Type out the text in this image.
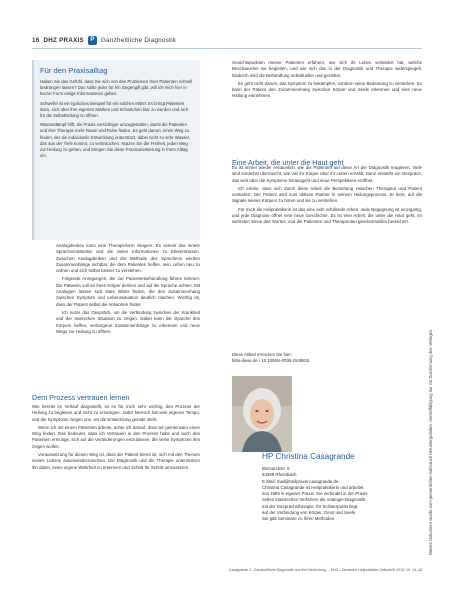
16 DHZ PRAXIS	P	Ganzheitliche Diagnostik
Für den Praxisalltag

Haben Sie das Gefühl, dass Sie sich von den Problemen Ihrer Patienten schnell bedrängen lassen? Das sollte jeder für ein Gegengift gibt, will ich mich hier in kurzer Form einige Informationen geben:

Schwefel ist ein typisches Beispiel für ein solches Mittel: Es bringt Patienten dazu, sich über ihre eigenen Stärken und Schwächen klar zu werden und sich für die Selbstheilung zu öffnen.

Wasserdämpf hilft, die Praxis vorsichtiger umzugestalten, damit die Patienten und Ihre Therapie mehr Raum und Ruhe finden. Es geht darum, einen Weg zu finden, der die individuelle Entwicklung unterstützt, dabei nicht zu sehr Wasser, das aus der Tiefe kommt, zu verbrauchen. Nutzen Sie die Freiheit, jeden Weg zur Heilung zu gehen, und bringen Sie diese Praxisorientierung in Ihren Alltag ein.

Analogdenken kann eine Therapieform steigern. Es vereint das innere Sprachverständnis und die vielen Informationen zu Erkenntnissen. Zwischen Analogdenken und der Methode des Sprechens werden Zusammenhänge sichtbar, die dem Patienten helfen, sein Leben neu zu ordnen und sich selbst besser zu verstehen.

Folgende Anregungen, die zur Patientenbehandlung führen können: Die Patientin soll an ihren Körper denken und auf die Sprache achten. Mit Analogien lassen sich klare Bilder finden, die den Zusammenhang zwischen Symptom und Lebenssituation deutlich machen. Wichtig ist, dass der Patient selbst die Antworten findet.

Ich nutze das Gespräch, um die Verbindung zwischen der Krankheit und der seelischen Situation zu zeigen. Dabei kann die Sprache des Körpers helfen, verborgene Zusammenhänge zu erkennen und neue Wege zur Heilung zu öffnen.

Dem Prozess vertrauen lernen

Wie bereits im Verlauf dargestellt, ist es für mich sehr wichtig, den Prozess der Heilung zu begleiten und nicht zu erzwingen. Jeder Mensch hat sein eigenes Tempo, und die Symptome zeigen uns, wo die Entwicklung gerade steht.

Wenn ich mit einem Patienten arbeite, achte ich darauf, dass wir gemeinsam einen Weg finden. Das bedeutet, dass ich Vertrauen in den Prozess habe und auch den Patienten ermutige, sich auf die Veränderungen einzulassen, die seine Symptome ihm zeigen wollen.

Voraussetzung für diesen Weg ist, dass der Patient bereit ist, sich mit den Themen seines Lebens auseinanderzusetzen. Die Diagnostik und die Therapie unterstützen ihn dabei, seine eigene Wahrheit zu erkennen und Schritt für Schritt umzusetzen.

Gesichtspunkten meiner Patienten erfahren, wie sich ihr Leben verändert hat, welche Beschwerden sie begleiten, und wie sich das in der Diagnostik und Therapie widerspiegelt. Dadurch wird die Behandlung individueller und gezielter.

Es geht nicht darum, das Symptom zu bekämpfen, sondern seine Bedeutung zu verstehen. So kann der Patient den Zusammenhang zwischen Körper und Seele erkennen und eine neue Haltung einnehmen.

Eine Arbeit, die unter die Haut geht

Es ist immer wieder erstaunlich, wie die Patienten auf diese Art der Diagnostik reagieren. Viele sind zunächst überrascht, wie viel ihr Körper über ihr Leben erzählt. Dann entsteht ein Gespräch, das weit über die Symptome hinausgeht und neue Perspektiven eröffnet.

Ich erlebe, dass sich durch diese Arbeit die Beziehung zwischen Therapeut und Patient verändert. Der Patient wird zum aktiven Partner in seinem Heilungsprozess. Er lernt, auf die Signale seines Körpers zu hören und sie zu verstehen.

Für mich als Heilpraktikerin ist das eine sehr erfüllende Arbeit. Jede Begegnung ist einzigartig, und jede Diagnose öffnet eine neue Geschichte. Es ist eine Arbeit, die unter die Haut geht, im wahrsten Sinne des Wortes, und die Patienten und Therapeuten gleichermaßen bereichert.

Diese Artikel erreichen Sie hier:
bitte-diese.de / 10.1055/s-0035-1549815
HP Christina Casagrande
Bismarckstr. 6
53359 Rheinbach
E-Mail: mail@heilpraxis-casagrande.de
Christina Casagrande ist Heilpraktikerin und arbeitet
seit 1989 in eigener Praxis. Sie verbindet in der Praxis
neben klassischen Verfahren die Analogie-Diagnostik
mit der Gesprächstherapie. Ihr Schwerpunkt liegt
auf der Verbindung von Körper, Geist und Seele.
Sie gibt Seminare zu ihren Methoden.
Casagrande C. Ganzheitliche Diagnostik und ihre Bedeutung ... DHZ – Deutsche Heilpraktiker-Zeitschrift 2015; 10: 14–16
Dieses Dokument wurde zum persönlichen Gebrauch heruntergeladen. Vervielfältigung nur mit Zustimmung des Verlages.
